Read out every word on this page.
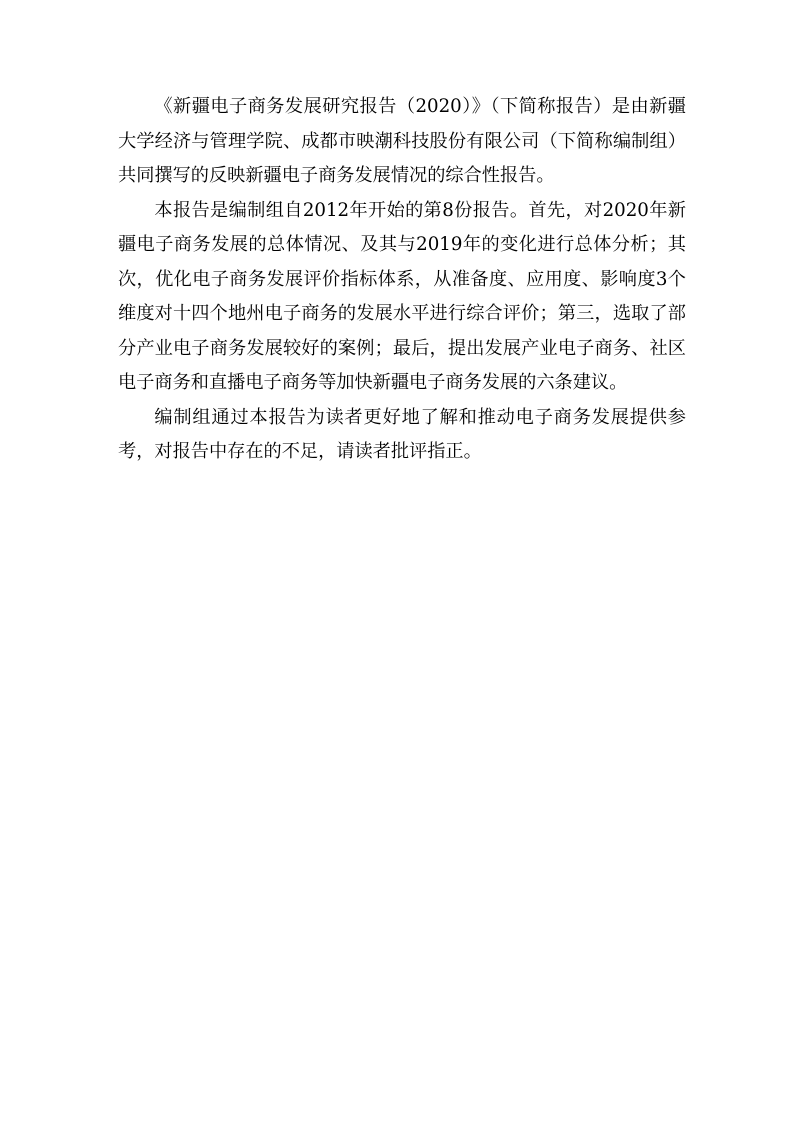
《新疆电子商务发展研究报告（2020）》（下简称报告）是由新疆大学经济与管理学院、成都市映潮科技股份有限公司（下简称编制组）共同撰写的反映新疆电子商务发展情况的综合性报告。

本报告是编制组自2012年开始的第8份报告。首先，对2020年新疆电子商务发展的总体情况、及其与2019年的变化进行总体分析；其次，优化电子商务发展评价指标体系，从准备度、应用度、影响度3个维度对十四个地州电子商务的发展水平进行综合评价；第三，选取了部分产业电子商务发展较好的案例；最后，提出发展产业电子商务、社区电子商务和直播电子商务等加快新疆电子商务发展的六条建议。

编制组通过本报告为读者更好地了解和推动电子商务发展提供参考，对报告中存在的不足，请读者批评指正。
